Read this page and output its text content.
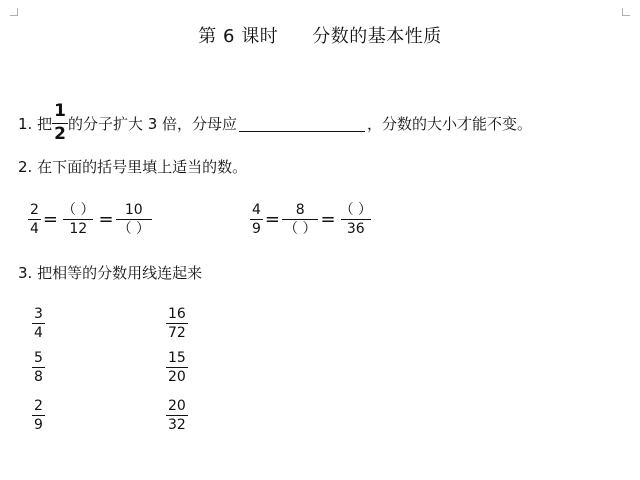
第 6 课时 分数的基本性质
1. 把 $\frac{1}{2}$ 的分子扩大 3 倍，分母应	，分数的大小才能不变。
2. 在下面的括号里填上适当的数。
$\frac{2}{4} = \frac{( )}{12} = \frac{10}{( )}$	$\frac{4}{9} = \frac{8}{( )} = \frac{( )}{36}$
3. 把相等的分数用线连起来
$\frac{3}{4}$
$\frac{5}{8}$
$\frac{2}{9}$
$\frac{16}{72}$
$\frac{15}{20}$
$\frac{20}{32}$
